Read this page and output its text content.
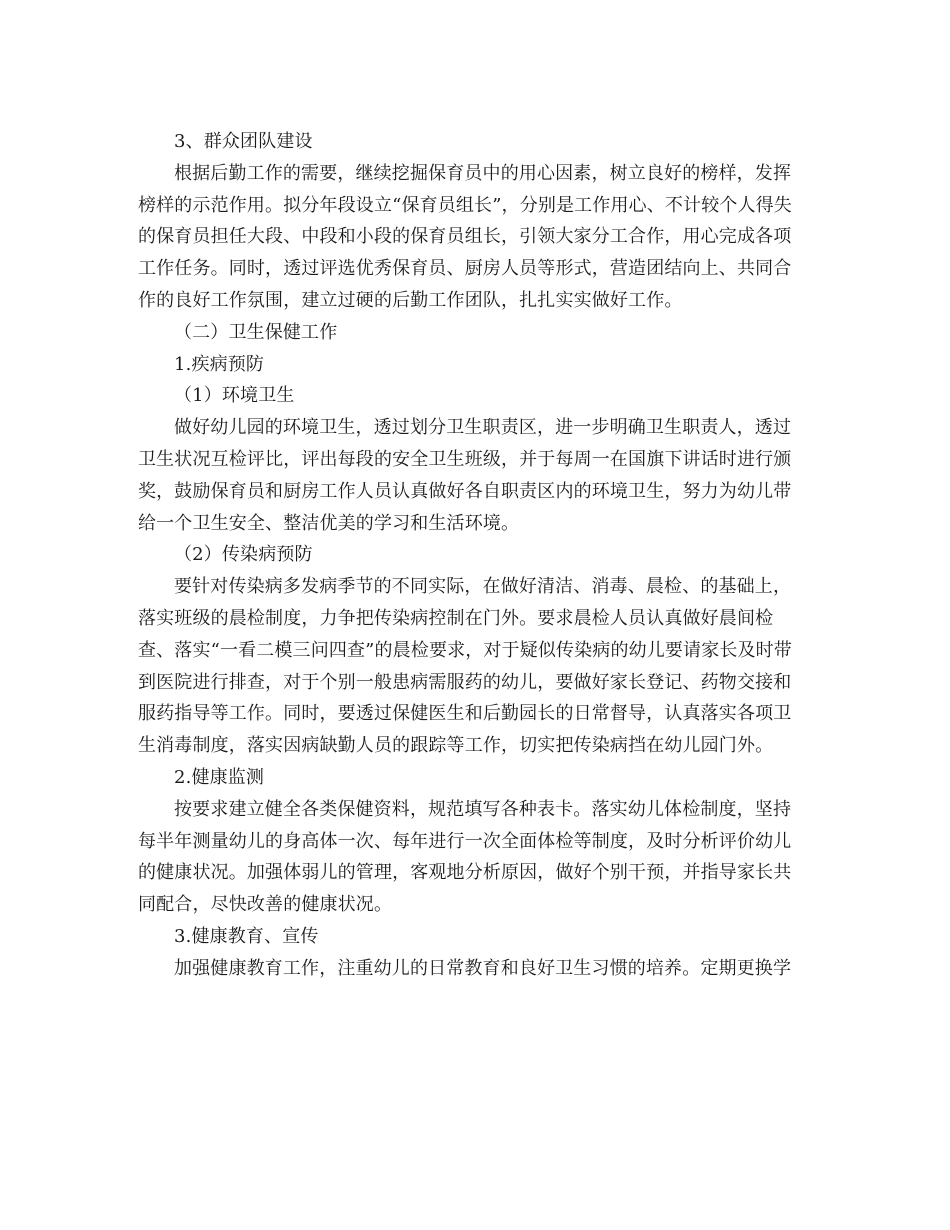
3、群众团队建设
根据后勤工作的需要，继续挖掘保育员中的用心因素，树立良好的榜样，发挥
榜样的示范作用。拟分年段设立“保育员组长”，分别是工作用心、不计较个人得失
的保育员担任大段、中段和小段的保育员组长，引领大家分工合作，用心完成各项
工作任务。同时，透过评选优秀保育员、厨房人员等形式，营造团结向上、共同合
作的良好工作氛围，建立过硬的后勤工作团队，扎扎实实做好工作。
（二）卫生保健工作
1.疾病预防
（1）环境卫生
做好幼儿园的环境卫生，透过划分卫生职责区，进一步明确卫生职责人，透过
卫生状况互检评比，评出每段的安全卫生班级，并于每周一在国旗下讲话时进行颁
奖，鼓励保育员和厨房工作人员认真做好各自职责区内的环境卫生，努力为幼儿带
给一个卫生安全、整洁优美的学习和生活环境。
（2）传染病预防
要针对传染病多发病季节的不同实际，在做好清洁、消毒、晨检、的基础上，
落实班级的晨检制度，力争把传染病控制在门外。要求晨检人员认真做好晨间检
查、落实“一看二模三问四查”的晨检要求，对于疑似传染病的幼儿要请家长及时带
到医院进行排查，对于个别一般患病需服药的幼儿，要做好家长登记、药物交接和
服药指导等工作。同时，要透过保健医生和后勤园长的日常督导，认真落实各项卫
生消毒制度，落实因病缺勤人员的跟踪等工作，切实把传染病挡在幼儿园门外。
2.健康监测
按要求建立健全各类保健资料，规范填写各种表卡。落实幼儿体检制度，坚持
每半年测量幼儿的身高体一次、每年进行一次全面体检等制度，及时分析评价幼儿
的健康状况。加强体弱儿的管理，客观地分析原因，做好个别干预，并指导家长共
同配合，尽快改善的健康状况。
3.健康教育、宣传
加强健康教育工作，注重幼儿的日常教育和良好卫生习惯的培养。定期更换学
